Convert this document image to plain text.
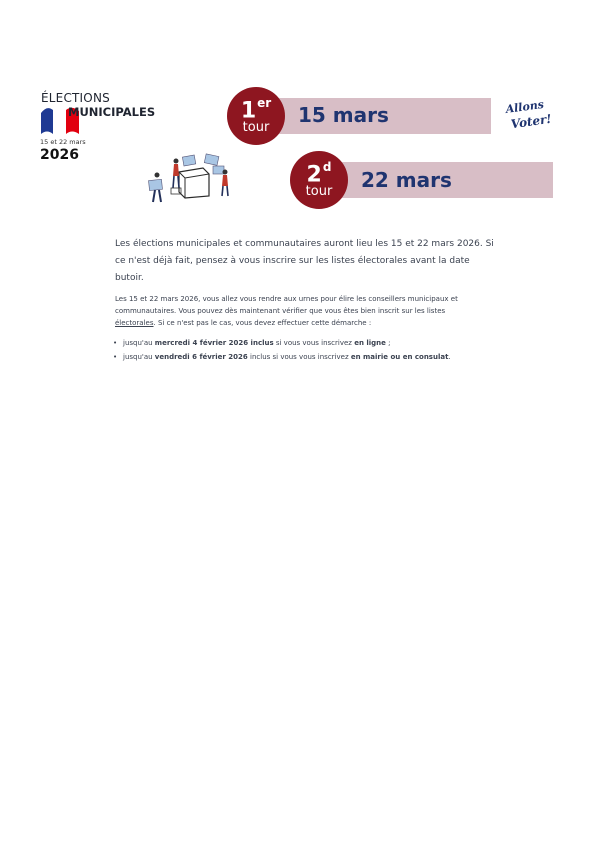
ÉLECTIONS
MUNICIPALES
15 et 22 mars
2026
15 mars
1er
tour
22 mars
2$^d$
tour
Allons
Voter!
Les élections municipales et communautaires auront lieu les 15 et 22 mars 2026. Si ce n'est déjà fait, pensez à vous inscrire sur les listes électorales avant la date butoir.
Les 15 et 22 mars 2026, vous allez vous rendre aux urnes pour élire les conseillers municipaux et communautaires. Vous pouvez dès maintenant vérifier que vous êtes bien inscrit sur les listes électorales. Si ce n'est pas le cas, vous devez effectuer cette démarche :
• jusqu'au mercredi 4 février 2026 inclus si vous vous inscrivez en ligne ;
• jusqu'au vendredi 6 février 2026 inclus si vous vous inscrivez en mairie ou en consulat.
